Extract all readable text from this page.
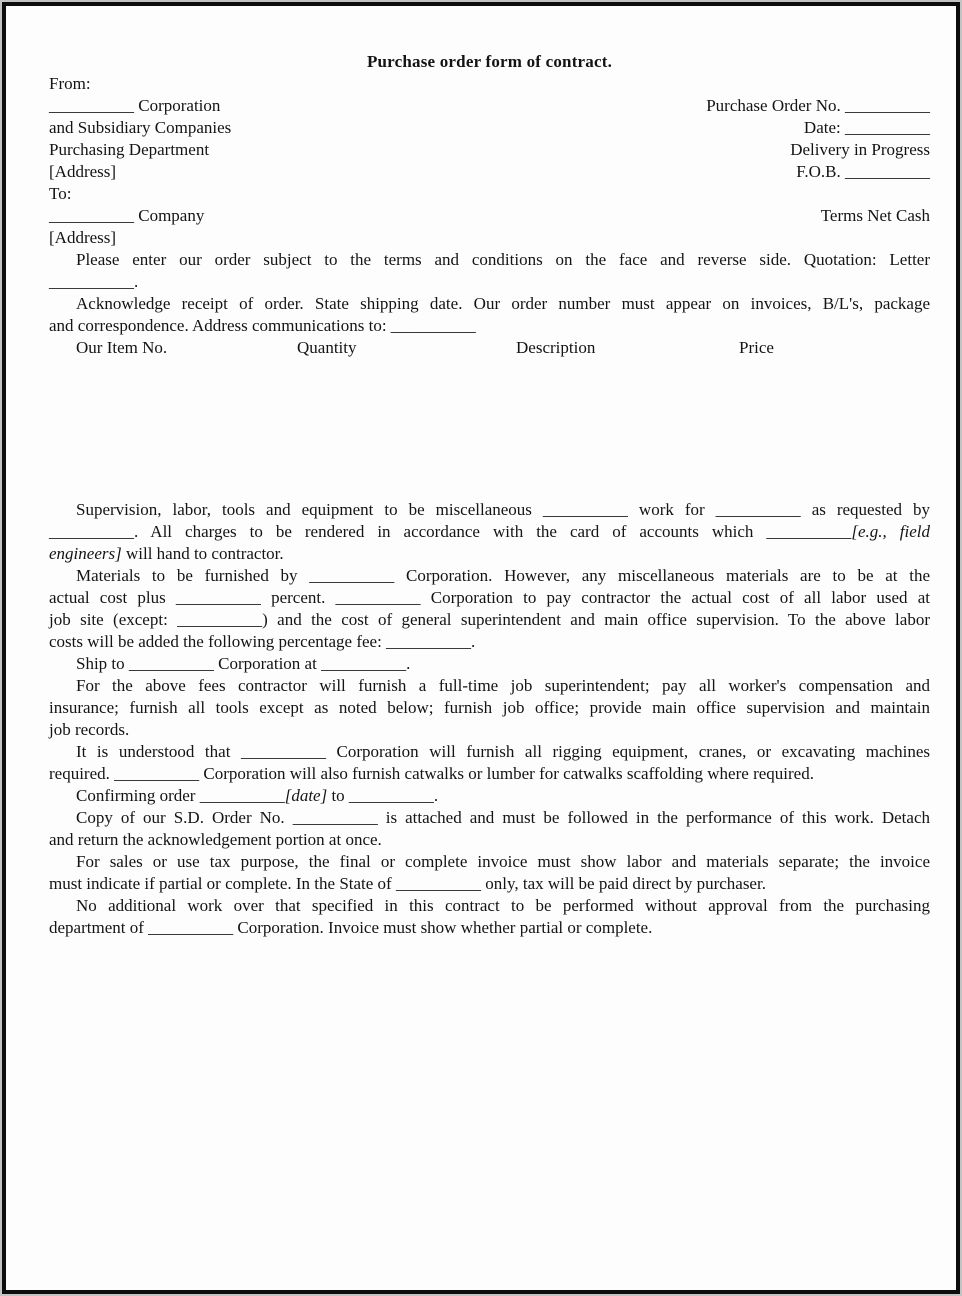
Purchase order form of contract.
From:
__________ Corporation	Purchase Order No. __________
and Subsidiary Companies	Date: __________
Purchasing Department	Delivery in Progress
[Address]	F.O.B. __________
To:
__________ Company	Terms Net Cash
[Address]
Please enter our order subject to the terms and conditions on the face and reverse side. Quotation: Letter
__________.
Acknowledge receipt of order. State shipping date. Our order number must appear on invoices, B/L's, package
and correspondence. Address communications to: __________
Our Item No.	Quantity	Description	Price
Supervision, labor, tools and equipment to be miscellaneous __________ work for __________ as requested by
__________. All charges to be rendered in accordance with the card of accounts which __________[e.g., field
engineers] will hand to contractor.
Materials to be furnished by __________ Corporation. However, any miscellaneous materials are to be at the
actual cost plus __________ percent. __________ Corporation to pay contractor the actual cost of all labor used at
job site (except: __________) and the cost of general superintendent and main office supervision. To the above labor
costs will be added the following percentage fee: __________.
Ship to __________ Corporation at __________.
For the above fees contractor will furnish a full-time job superintendent; pay all worker's compensation and
insurance; furnish all tools except as noted below; furnish job office; provide main office supervision and maintain
job records.
It is understood that __________ Corporation will furnish all rigging equipment, cranes, or excavating machines
required. __________ Corporation will also furnish catwalks or lumber for catwalks scaffolding where required.
Confirming order __________[date] to __________.
Copy of our S.D. Order No. __________ is attached and must be followed in the performance of this work. Detach
and return the acknowledgement portion at once.
For sales or use tax purpose, the final or complete invoice must show labor and materials separate; the invoice
must indicate if partial or complete. In the State of __________ only, tax will be paid direct by purchaser.
No additional work over that specified in this contract to be performed without approval from the purchasing
department of __________ Corporation. Invoice must show whether partial or complete.
